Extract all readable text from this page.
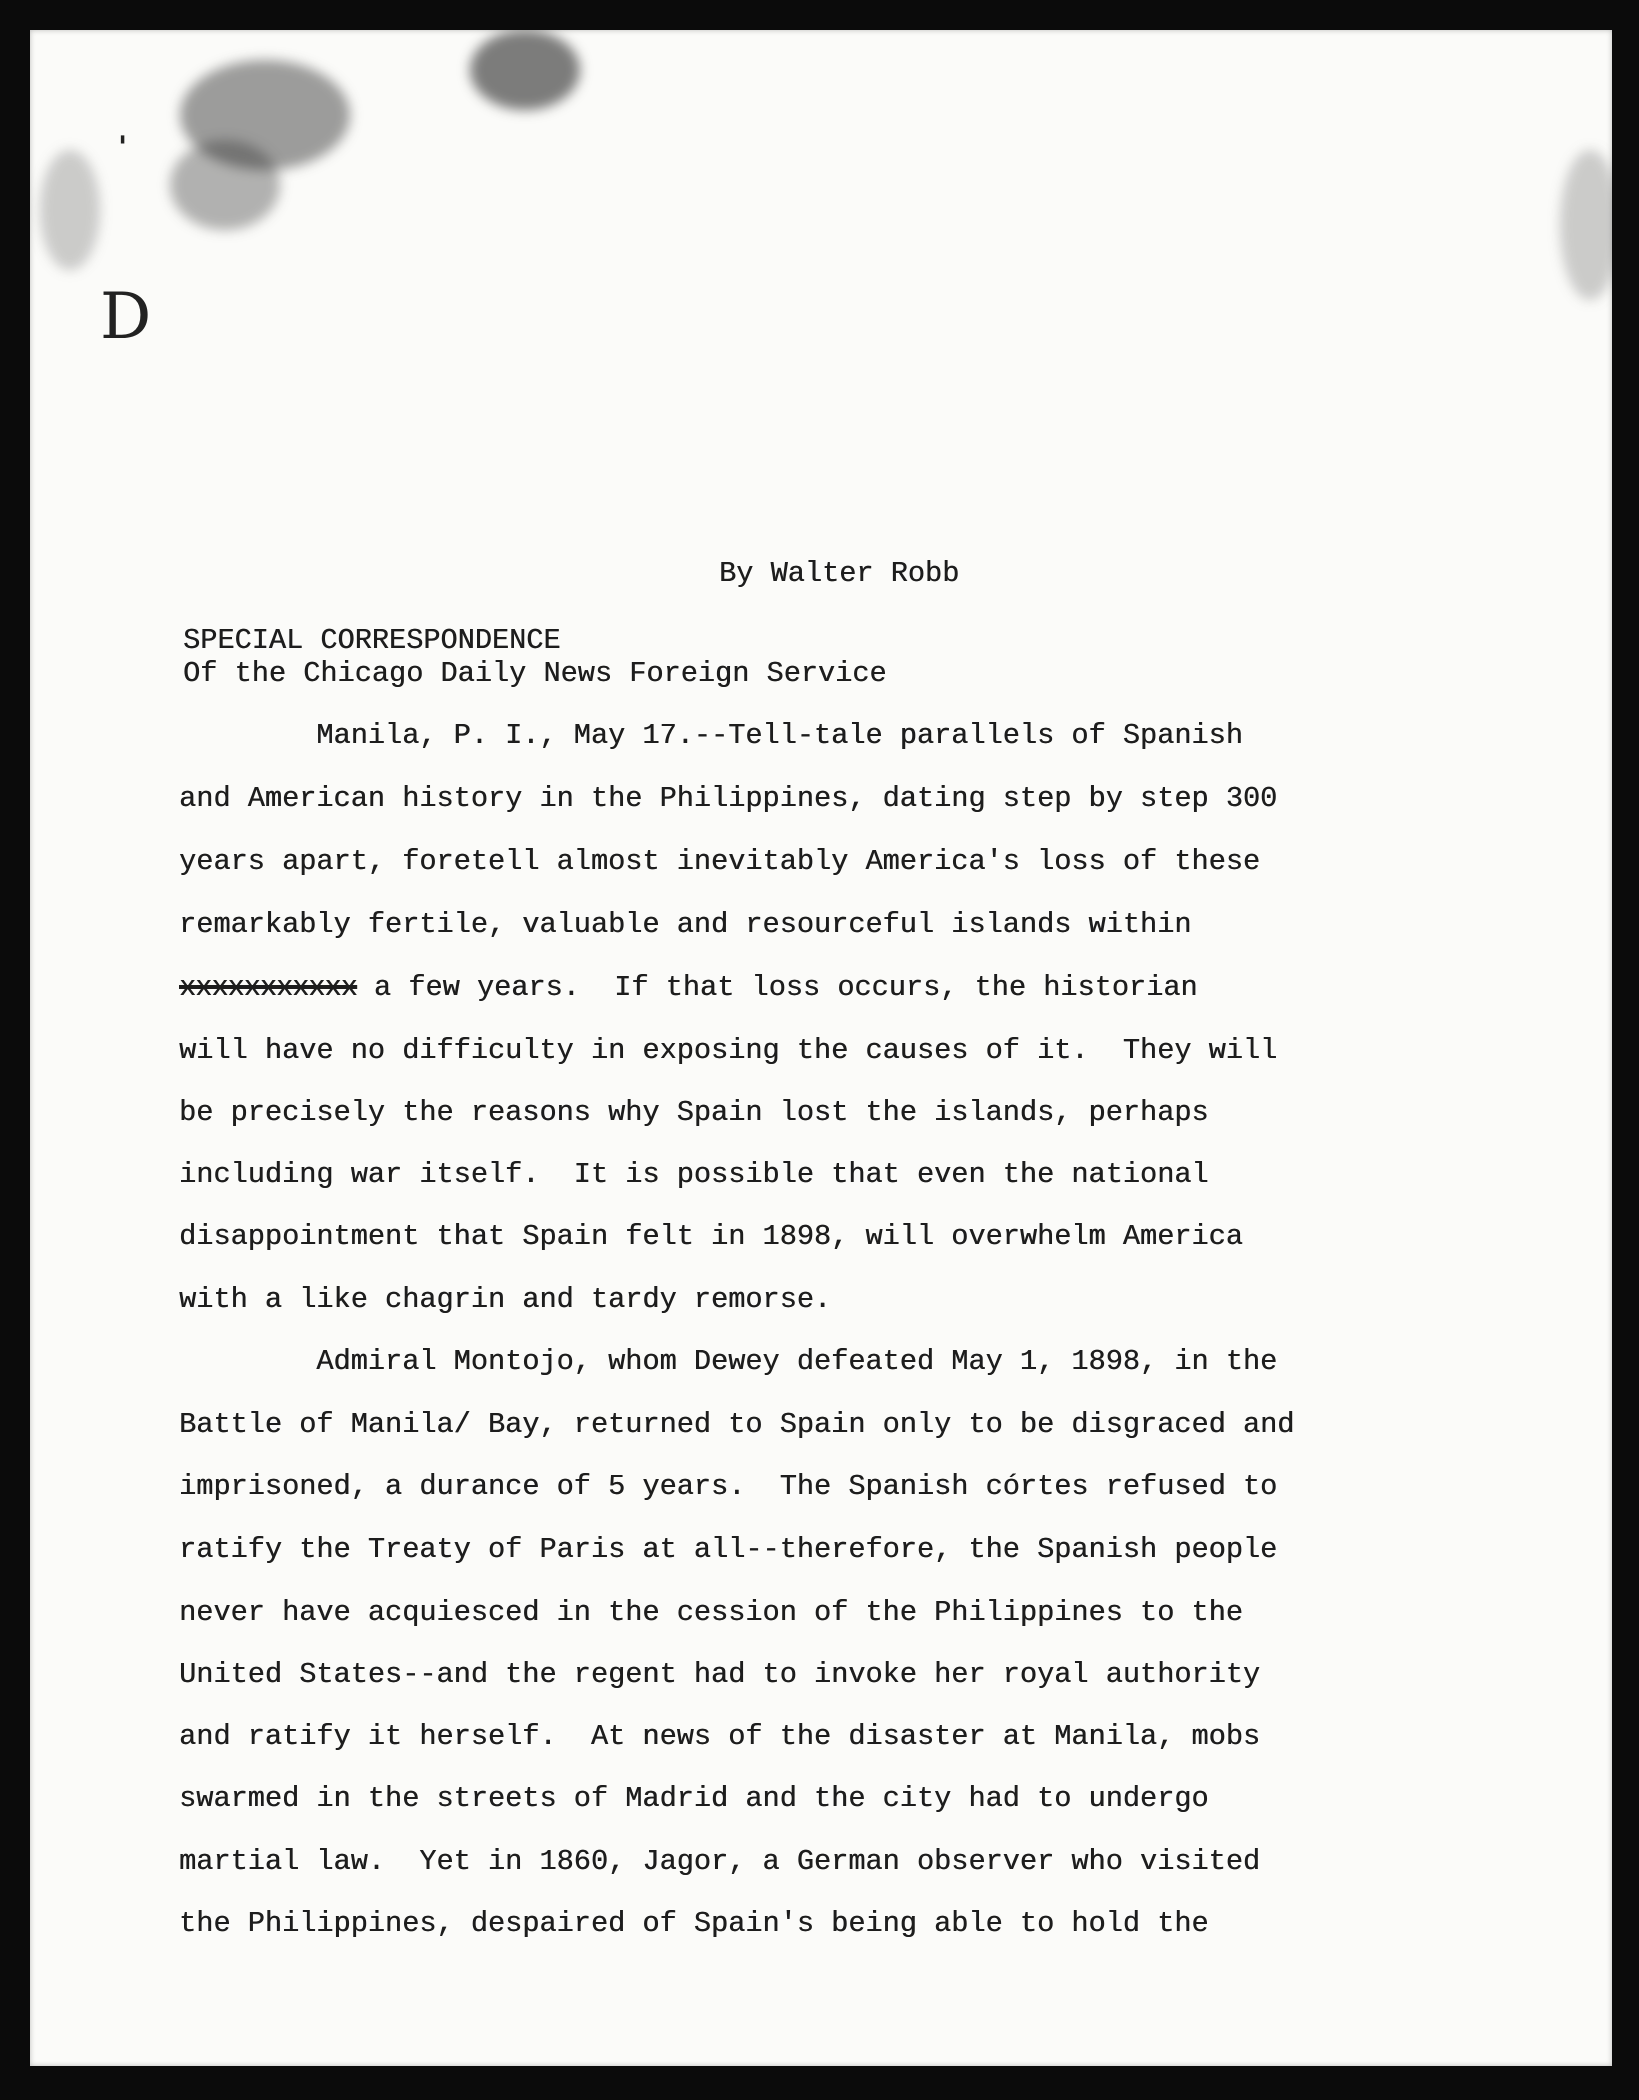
'
D
By Walter Robb
SPECIAL CORRESPONDENCE
Of the Chicago Daily News Foreign Service
Manila, P. I., May 17.--Tell-tale parallels of Spanish
and American history in the Philippines, dating step by step 300
years apart, foretell almost inevitably America's loss of these
remarkably fertile, valuable and resourceful islands within
xxxxxxxxxxx a few years.  If that loss occurs, the historian
will have no difficulty in exposing the causes of it.  They will
be precisely the reasons why Spain lost the islands, perhaps
including war itself.  It is possible that even the national
disappointment that Spain felt in 1898, will overwhelm America
with a like chagrin and tardy remorse.
Admiral Montojo, whom Dewey defeated May 1, 1898, in the
Battle of Manila/ Bay, returned to Spain only to be disgraced and
imprisoned, a durance of 5 years.  The Spanish córtes refused to
ratify the Treaty of Paris at all--therefore, the Spanish people
never have acquiesced in the cession of the Philippines to the
United States--and the regent had to invoke her royal authority
and ratify it herself.  At news of the disaster at Manila, mobs
swarmed in the streets of Madrid and the city had to undergo
martial law.  Yet in 1860, Jagor, a German observer who visited
the Philippines, despaired of Spain's being able to hold the
